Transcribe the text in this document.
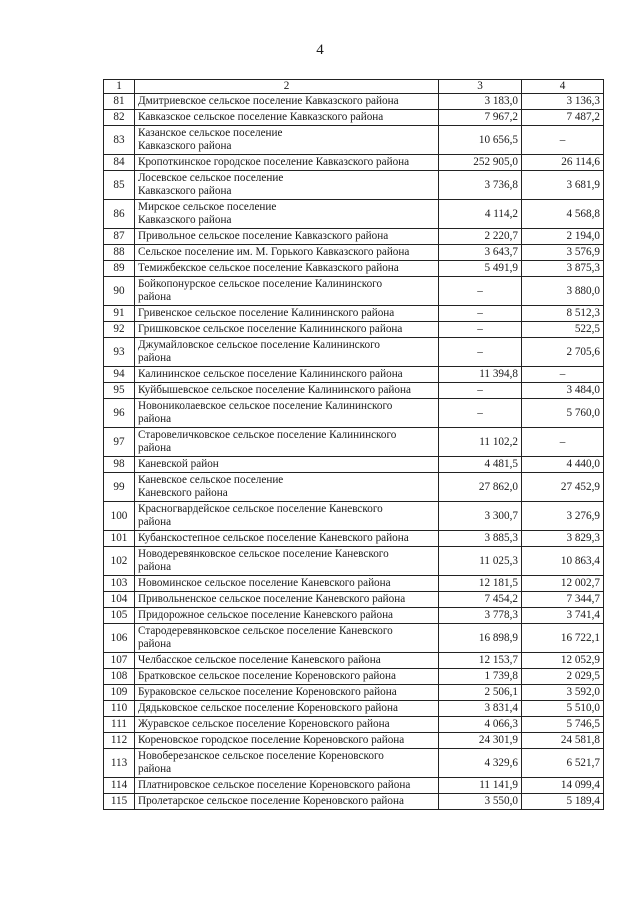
4
1	2	3	4
81	Дмитриевское сельское поселение Кавказского района	3 183,0	3 136,3
82	Кавказское сельское поселение Кавказского района	7 967,2	7 487,2
83	Казанское сельское поселение
Кавказского района	10 656,5	–
84	Кропоткинское городское поселение Кавказского района	252 905,0	26 114,6
85	Лосевское сельское поселение
Кавказского района	3 736,8	3 681,9
86	Мирское сельское поселение
Кавказского района	4 114,2	4 568,8
87	Привольное сельское поселение Кавказского района	2 220,7	2 194,0
88	Сельское поселение им. М. Горького Кавказского района	3 643,7	3 576,9
89	Темижбекское сельское поселение Кавказского района	5 491,9	3 875,3
90	Бойкопонурское сельское поселение Калининского
района	–	3 880,0
91	Гривенское сельское поселение Калининского района	–	8 512,3
92	Гришковское сельское поселение Калининского района	–	522,5
93	Джумайловское сельское поселение Калининского
района	–	2 705,6
94	Калининское сельское поселение Калининского района	11 394,8	–
95	Куйбышевское сельское поселение Калининского района	–	3 484,0
96	Новониколаевское сельское поселение Калининского
района	–	5 760,0
97	Старовеличковское сельское поселение Калининского
района	11 102,2	–
98	Каневской район	4 481,5	4 440,0
99	Каневское сельское поселение
Каневского района	27 862,0	27 452,9
100	Красногвардейское сельское поселение Каневского
района	3 300,7	3 276,9
101	Кубанскостепное сельское поселение Каневского района	3 885,3	3 829,3
102	Новодеревянковское сельское поселение Каневского
района	11 025,3	10 863,4
103	Новоминское сельское поселение Каневского района	12 181,5	12 002,7
104	Привольненское сельское поселение Каневского района	7 454,2	7 344,7
105	Придорожное сельское поселение Каневского района	3 778,3	3 741,4
106	Стародеревянковское сельское поселение Каневского
района	16 898,9	16 722,1
107	Челбасское сельское поселение Каневского района	12 153,7	12 052,9
108	Братковское сельское поселение Кореновского района	1 739,8	2 029,5
109	Бураковское сельское поселение Кореновского района	2 506,1	3 592,0
110	Дядьковское сельское поселение Кореновского района	3 831,4	5 510,0
111	Журавское сельское поселение Кореновского района	4 066,3	5 746,5
112	Кореновское городское поселение Кореновского района	24 301,9	24 581,8
113	Новоберезанское сельское поселение Кореновского
района	4 329,6	6 521,7
114	Платнировское сельское поселение Кореновского района	11 141,9	14 099,4
115	Пролетарское сельское поселение Кореновского района	3 550,0	5 189,4
